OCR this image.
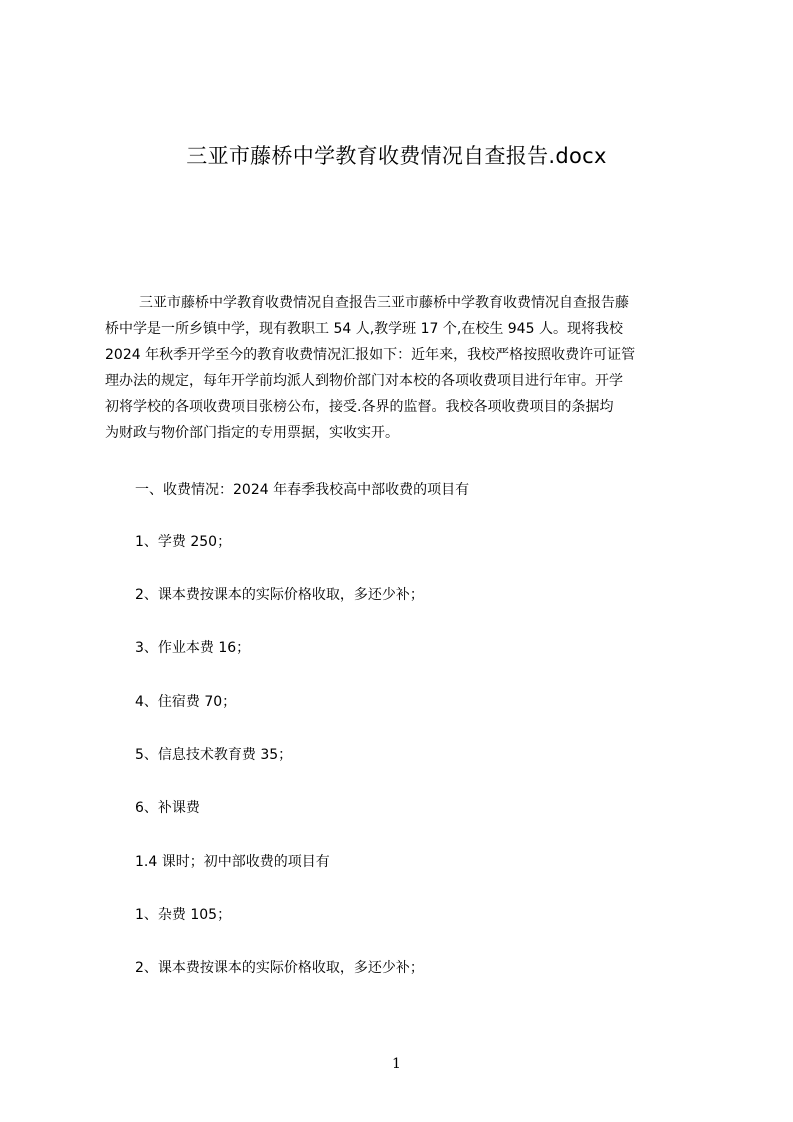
三亚市藤桥中学教育收费情况自查报告.docx
三亚市藤桥中学教育收费情况自查报告三亚市藤桥中学教育收费情况自查报告藤
桥中学是一所乡镇中学，现有教职工 54 人,教学班 17 个,在校生 945 人。现将我校
2024 年秋季开学至今的教育收费情况汇报如下：近年来，我校严格按照收费许可证管
理办法的规定，每年开学前均派人到物价部门对本校的各项收费项目进行年审。开学
初将学校的各项收费项目张榜公布，接受.各界的监督。我校各项收费项目的条据均
为财政与物价部门指定的专用票据，实收实开。
一、收费情况：2024 年春季我校高中部收费的项目有
1、学费 250；
2、课本费按课本的实际价格收取，多还少补；
3、作业本费 16；
4、住宿费 70；
5、信息技术教育费 35；
6、补课费
1.4 课时；初中部收费的项目有
1、杂费 105；
2、课本费按课本的实际价格收取，多还少补；
1
